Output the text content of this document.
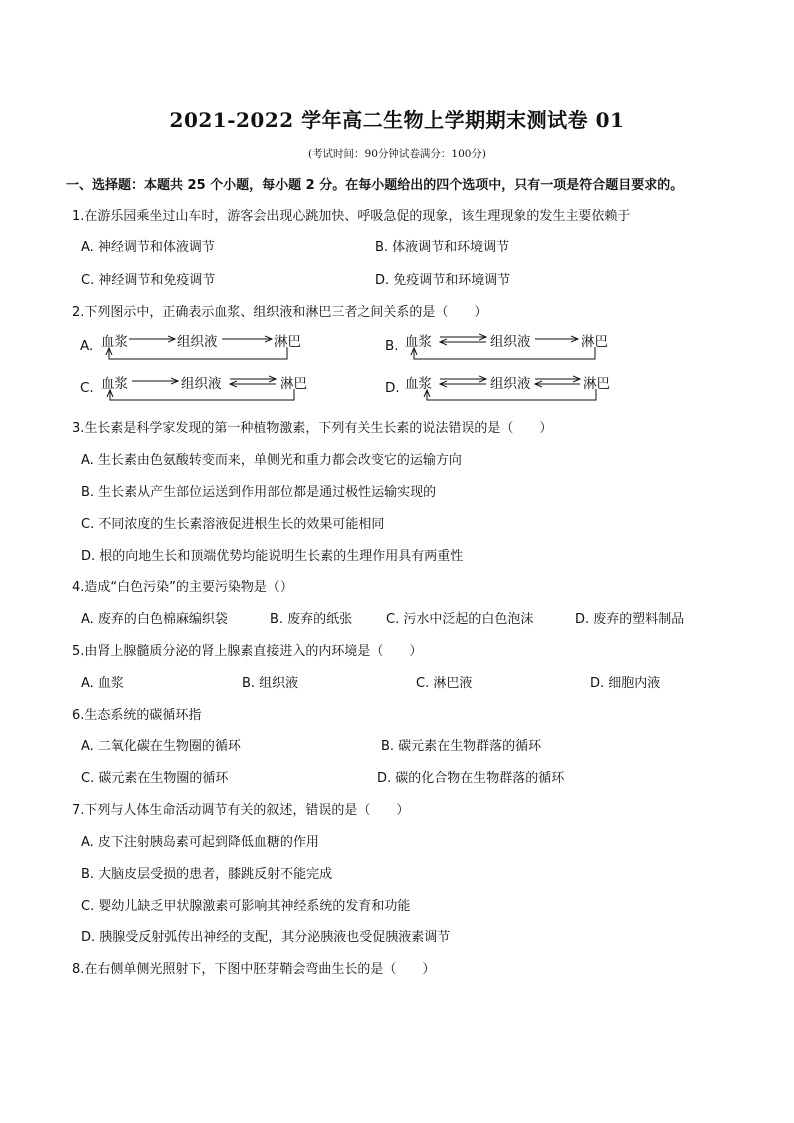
2021-2022 学年高二生物上学期期末测试卷 01
(考试时间：90分钟试卷满分：100分)
一、选择题：本题共 25 个小题，每小题 2 分。在每小题给出的四个选项中，只有一项是符合题目要求的。
1.在游乐园乘坐过山车时，游客会出现心跳加快、呼吸急促的现象，该生理现象的发生主要依赖于
A. 神经调节和体液调节	B. 体液调节和环境调节
C. 神经调节和免疫调节	D. 免疫调节和环境调节
2.下列图示中，正确表示血浆、组织液和淋巴三者之间关系的是（　　）
A. 血浆	组织液	淋巴	B. 血浆	组织液	淋巴
C. 血浆	组织液	淋巴	D. 血浆	组织液	淋巴
3.生长素是科学家发现的第一种植物激素，下列有关生长素的说法错误的是（　　）
A. 生长素由色氨酸转变而来，单侧光和重力都会改变它的运输方向
B. 生长素从产生部位运送到作用部位都是通过极性运输实现的
C. 不同浓度的生长素溶液促进根生长的效果可能相同
D. 根的向地生长和顶端优势均能说明生长素的生理作用具有两重性
4.造成“白色污染”的主要污染物是（）
A. 废弃的白色棉麻编织袋	B. 废弃的纸张	C. 污水中泛起的白色泡沫	D. 废弃的塑料制品
5.由肾上腺髓质分泌的肾上腺素直接进入的内环境是（　　）
A. 血浆	B. 组织液	C. 淋巴液	D. 细胞内液
6.生态系统的碳循环指
A. 二氧化碳在生物圈的循环	B. 碳元素在生物群落的循环
C. 碳元素在生物圈的循环	D. 碳的化合物在生物群落的循环
7.下列与人体生命活动调节有关的叙述，错误的是（　　）
A. 皮下注射胰岛素可起到降低血糖的作用
B. 大脑皮层受损的患者，膝跳反射不能完成
C. 婴幼儿缺乏甲状腺激素可影响其神经系统的发育和功能
D. 胰腺受反射弧传出神经的支配，其分泌胰液也受促胰液素调节
8.在右侧单侧光照射下，下图中胚芽鞘会弯曲生长的是（　　）
